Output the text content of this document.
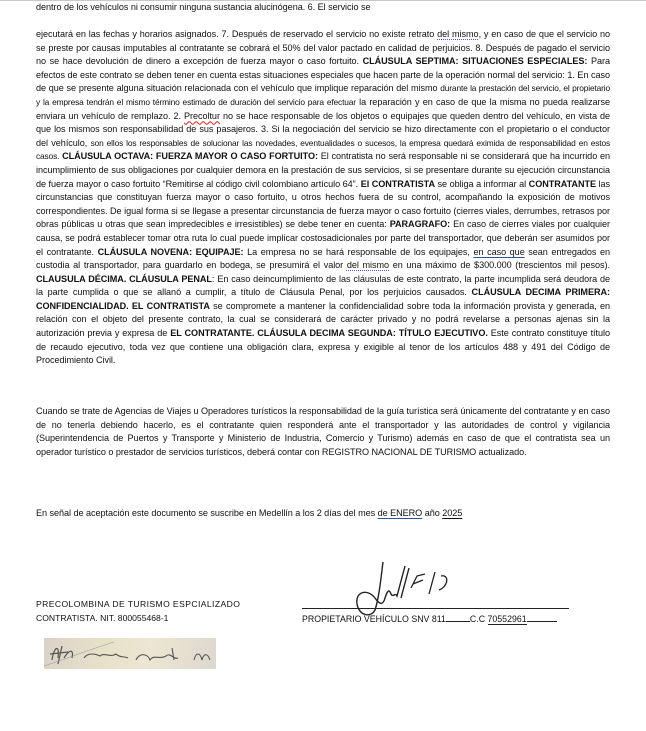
dentro de los vehículos ni consumir ninguna sustancia alucinógena. 6. El servicio se

ejecutará en las fechas y horarios asignados. 7. Después de reservado el servicio no existe retrato del mismo, y en caso de que el servicio no se preste por causas imputables al contratante se cobrará el 50% del valor pactado en calidad de perjuicios. 8. Después de pagado el servicio no se hace devolución de dinero a excepción de fuerza mayor o caso fortuito. CLÁUSULA SEPTIMA: SITUACIONES ESPECIALES: Para efectos de este contrato se deben tener en cuenta estas situaciones especiales que hacen parte de la operación normal del servicio: 1. En caso de que se presente alguna situación relacionada con el vehículo que implique reparación del mismo durante la prestación del servicio, el propietario y la empresa tendrán el mismo término estimado de duración del servicio para efectuar la reparación y en caso de que la misma no pueda realizarse enviara un vehículo de remplazo. 2. Precoltur no se hace responsable de los objetos o equipajes que queden dentro del vehículo, en vista de que los mismos son responsabilidad de sus pasajeros. 3. Si la negociación del servicio se hizo directamente con el propietario o el conductor del vehículo, son ellos los responsables de solucionar las novedades, eventualidades o sucesos, la empresa quedará eximida de responsabilidad en estos casos. CLÁUSULA OCTAVA: FUERZA MAYOR O CASO FORTUITO: El contratista no será responsable ni se considerará que ha incurrido en incumplimiento de sus obligaciones por cualquier demora en la prestación de sus servicios, si se presentare durante su ejecución circunstancia de fuerza mayor o caso fortuito “Remitirse al código civil colombiano artículo 64”. El CONTRATISTA se obliga a informar al CONTRATANTE las circunstancias que constituyan fuerza mayor o caso fortuito, u otros hechos fuera de su control, acompañando la exposición de motivos correspondientes. De igual forma si se llegase a presentar circunstancia de fuerza mayor o caso fortuito (cierres viales, derrumbes, retrasos por obras públicas u otras que sean impredecibles e irresistibles) se debe tener en cuenta: PARAGRAFO: En caso de cierres viales por cualquier causa, se podrá establecer tomar otra ruta lo cual puede implicar costosadicionales por parte del transportador, que deberán ser asumidos por el contratante. CLÁUSULA NOVENA: EQUIPAJE: La empresa no se hará responsable de los equipajes, en caso que sean entregados en custodia al transportador, para guardarlo en bodega, se presumirá el valor del mismo en una máximo de $300.000 (trescientos mil pesos). CLAUSULA DÉCIMA. CLÁUSULA PENAL: En caso deincumplimiento de las cláusulas de este contrato, la parte incumplida será deudora de la parte cumplida o que se allanó a cumplir, a título de Cláusula Penal, por los perjuicios causados. CLÁUSULA DECIMA PRIMERA: CONFIDENCIALIDAD. EL CONTRATISTA se compromete a mantener la confidencialidad sobre toda la información provista y generada, en relación con el objeto del presente contrato, la cual se considerará de carácter privado y no podrá revelarse a personas ajenas sin la autorización previa y expresa de EL CONTRATANTE. CLÁUSULA DECIMA SEGUNDA: TÍTULO EJECUTIVO. Este contrato constituye título de recaudo ejecutivo, toda vez que contiene una obligación clara, expresa y exigible al tenor de los artículos 488 y 491 del Código de Procedimiento Civil.

Cuando se trate de Agencias de Viajes u Operadores turísticos la responsabilidad de la guía turística será únicamente del contratante y en caso de no tenerla debiendo hacerlo, es el contratante quien responderá ante el transportador y las autoridades de control y vigilancia (Superintendencia de Puertos y Transporte y Ministerio de Industria, Comercio y Turismo) además en caso de que el contratista sea un operador turístico o prestador de servicios turísticos, deberá contar con REGISTRO NACIONAL DE TURISMO actualizado.

En señal de aceptación este documento se suscribe en Medellín a los 2 días del mes de ENERO año 2025

PRECOLOMBINA DE TURISMO ESPCIALIZADO
CONTRATISTA. NIT. 800055468-1	PROPIETARIO VEHÍCULO SNV 811	C.C 70552961
